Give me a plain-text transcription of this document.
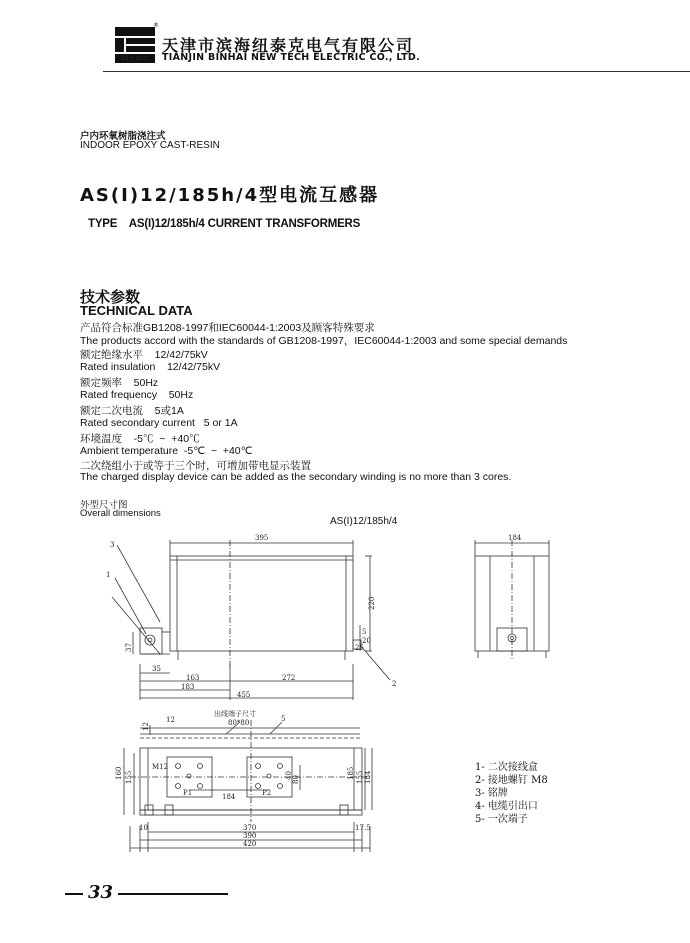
BINHAI
®
天津市滨海纽泰克电气有限公司
TIANJIN BINHAI NEW TECH ELECTRIC CO., LTD.
户内环氧树脂浇注式
INDOOR EPOXY CAST-RESIN
AS(I)12/185h/4型电流互感器
TYPE    AS(I)12/185h/4 CURRENT TRANSFORMERS
技术参数
TECHNICAL DATA
产品符合标准GB1208-1997和IEC60044-1:2003及顾客特殊要求
The products accord with the standards of GB1208-1997，IEC60044-1:2003 and some special demands
额定绝缘水平    12/42/75kV
Rated insulation    12/42/75kV
额定频率    50Hz
Rated frequency    50Hz
额定二次电流    5或1A
Rated secondary current   5 or 1A
环境温度    -5℃  ~  +40℃
Ambient temperature  -5℃  ~  +40℃
二次绕组小于或等于三个时，可增加带电显示装置
The charged display device can be added as the secondary winding is no more than 3 cores.
外型尺寸图
Overall dimensions
AS(I)12/185h/4
395
220
5
20
25
163	272
183
455
35
37
1
2
3
184
出线端子尺寸
80*80	5
12
12
160 155
M12
P1	P2
184
40 80	185 155 184
370
390
420
10	17.5
1- 二次接线盒
2- 接地螺钉 M8
3- 铭牌
4- 电缆引出口
5- 一次端子
33
